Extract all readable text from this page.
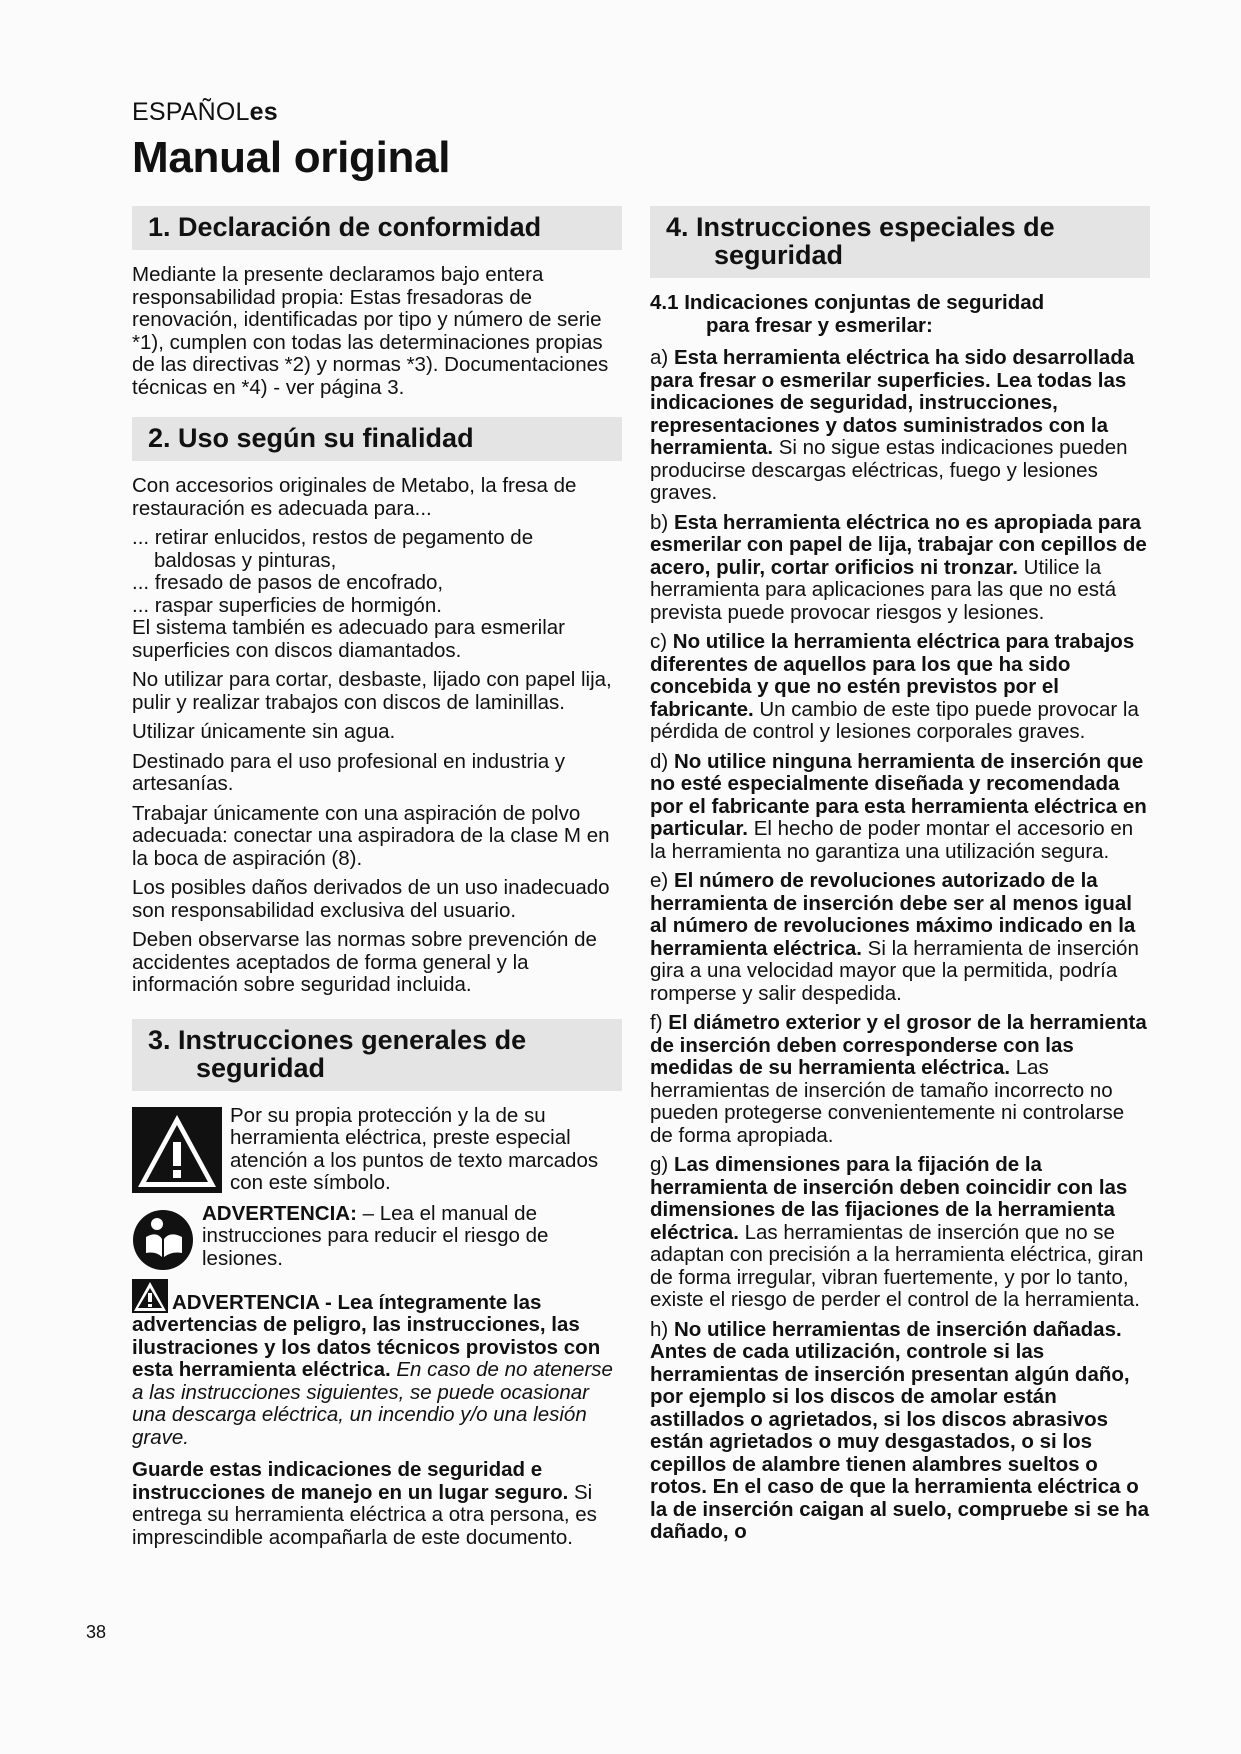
ESPAÑOLes
Manual original
1. Declaración de conformidad

Mediante la presente declaramos bajo entera responsabilidad propia: Estas fresadoras de renovación, identificadas por tipo y número de serie *1), cumplen con todas las determinaciones propias de las directivas *2) y normas *3). Documentaciones técnicas en *4) - ver página 3.

2. Uso según su finalidad

Con accesorios originales de Metabo, la fresa de restauración es adecuada para...

... retirar enlucidos, restos de pegamento de
baldosas y pinturas,
... fresado de pasos de encofrado,
... raspar superficies de hormigón.

El sistema también es adecuado para esmerilar superficies con discos diamantados.

No utilizar para cortar, desbaste, lijado con papel lija, pulir y realizar trabajos con discos de laminillas.

Utilizar únicamente sin agua.

Destinado para el uso profesional en industria y artesanías.

Trabajar únicamente con una aspiración de polvo adecuada: conectar una aspiradora de la clase M en la boca de aspiración (8).

Los posibles daños derivados de un uso inadecuado son responsabilidad exclusiva del usuario.

Deben observarse las normas sobre prevención de accidentes aceptados de forma general y la información sobre seguridad incluida.

3. Instrucciones generales de
seguridad
Por su propia protección y la de su herramienta eléctrica, preste especial atención a los puntos de texto marcados con este símbolo.
ADVERTENCIA: – Lea el manual de instrucciones para reducir el riesgo de lesiones.

ADVERTENCIA - Lea íntegramente las advertencias de peligro, las instrucciones, las ilustraciones y los datos técnicos provistos con esta herramienta eléctrica. En caso de no atenerse a las instrucciones siguientes, se puede ocasionar una descarga eléctrica, un incendio y/o una lesión grave.

Guarde estas indicaciones de seguridad e instrucciones de manejo en un lugar seguro. Si entrega su herramienta eléctrica a otra persona, es imprescindible acompañarla de este documento.

4. Instrucciones especiales de
seguridad
4.1 Indicaciones conjuntas de seguridad
para fresar y esmerilar:

a) Esta herramienta eléctrica ha sido desarrollada para fresar o esmerilar superficies. Lea todas las indicaciones de seguridad, instrucciones, representaciones y datos suministrados con la herramienta. Si no sigue estas indicaciones pueden producirse descargas eléctricas, fuego y lesiones graves.

b) Esta herramienta eléctrica no es apropiada para esmerilar con papel de lija, trabajar con cepillos de acero, pulir, cortar orificios ni tronzar. Utilice la herramienta para aplicaciones para las que no está prevista puede provocar riesgos y lesiones.

c) No utilice la herramienta eléctrica para trabajos diferentes de aquellos para los que ha sido concebida y que no estén previstos por el fabricante. Un cambio de este tipo puede provocar la pérdida de control y lesiones corporales graves.

d) No utilice ninguna herramienta de inserción que no esté especialmente diseñada y recomendada por el fabricante para esta herramienta eléctrica en particular. El hecho de poder montar el accesorio en la herramienta no garantiza una utilización segura.

e) El número de revoluciones autorizado de la herramienta de inserción debe ser al menos igual al número de revoluciones máximo indicado en la herramienta eléctrica. Si la herramienta de inserción gira a una velocidad mayor que la permitida, podría romperse y salir despedida.

f) El diámetro exterior y el grosor de la herramienta de inserción deben corresponderse con las medidas de su herramienta eléctrica. Las herramientas de inserción de tamaño incorrecto no pueden protegerse convenientemente ni controlarse de forma apropiada.

g) Las dimensiones para la fijación de la herramienta de inserción deben coincidir con las dimensiones de las fijaciones de la herramienta eléctrica. Las herramientas de inserción que no se adaptan con precisión a la herramienta eléctrica, giran de forma irregular, vibran fuertemente, y por lo tanto, existe el riesgo de perder el control de la herramienta.

h) No utilice herramientas de inserción dañadas. Antes de cada utilización, controle si las herramientas de inserción presentan algún daño, por ejemplo si los discos de amolar están astillados o agrietados, si los discos abrasivos están agrietados o muy desgastados, o si los cepillos de alambre tienen alambres sueltos o rotos. En el caso de que la herramienta eléctrica o la de inserción caigan al suelo, compruebe si se ha dañado, o

38
